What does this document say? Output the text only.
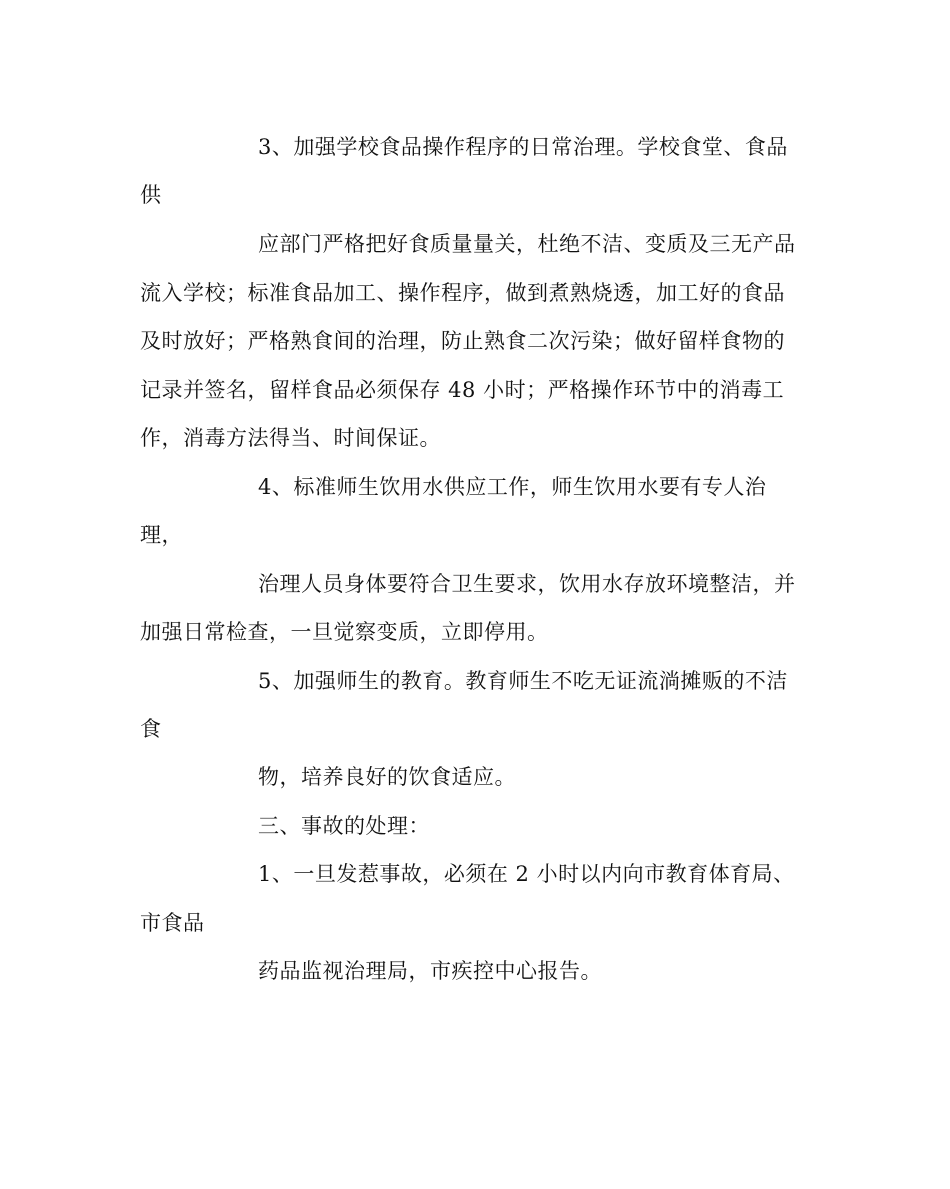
3、加强学校食品操作程序的日常治理。学校食堂、食品
供
应部门严格把好食质量量关，杜绝不洁、变质及三无产品
流入学校；标准食品加工、操作程序，做到煮熟烧透，加工好的食品
及时放好；严格熟食间的治理，防止熟食二次污染；做好留样食物的
记录并签名，留样食品必须保存 48 小时；严格操作环节中的消毒工
作，消毒方法得当、时间保证。
4、标准师生饮用水供应工作，师生饮用水要有专人治
理，
治理人员身体要符合卫生要求，饮用水存放环境整洁，并
加强日常检查，一旦觉察变质，立即停用。
5、加强师生的教育。教育师生不吃无证流淌摊贩的不洁
食
物，培养良好的饮食适应。
三、事故的处理：
1、一旦发惹事故，必须在 2 小时以内向市教育体育局、
市食品
药品监视治理局，市疾控中心报告。
